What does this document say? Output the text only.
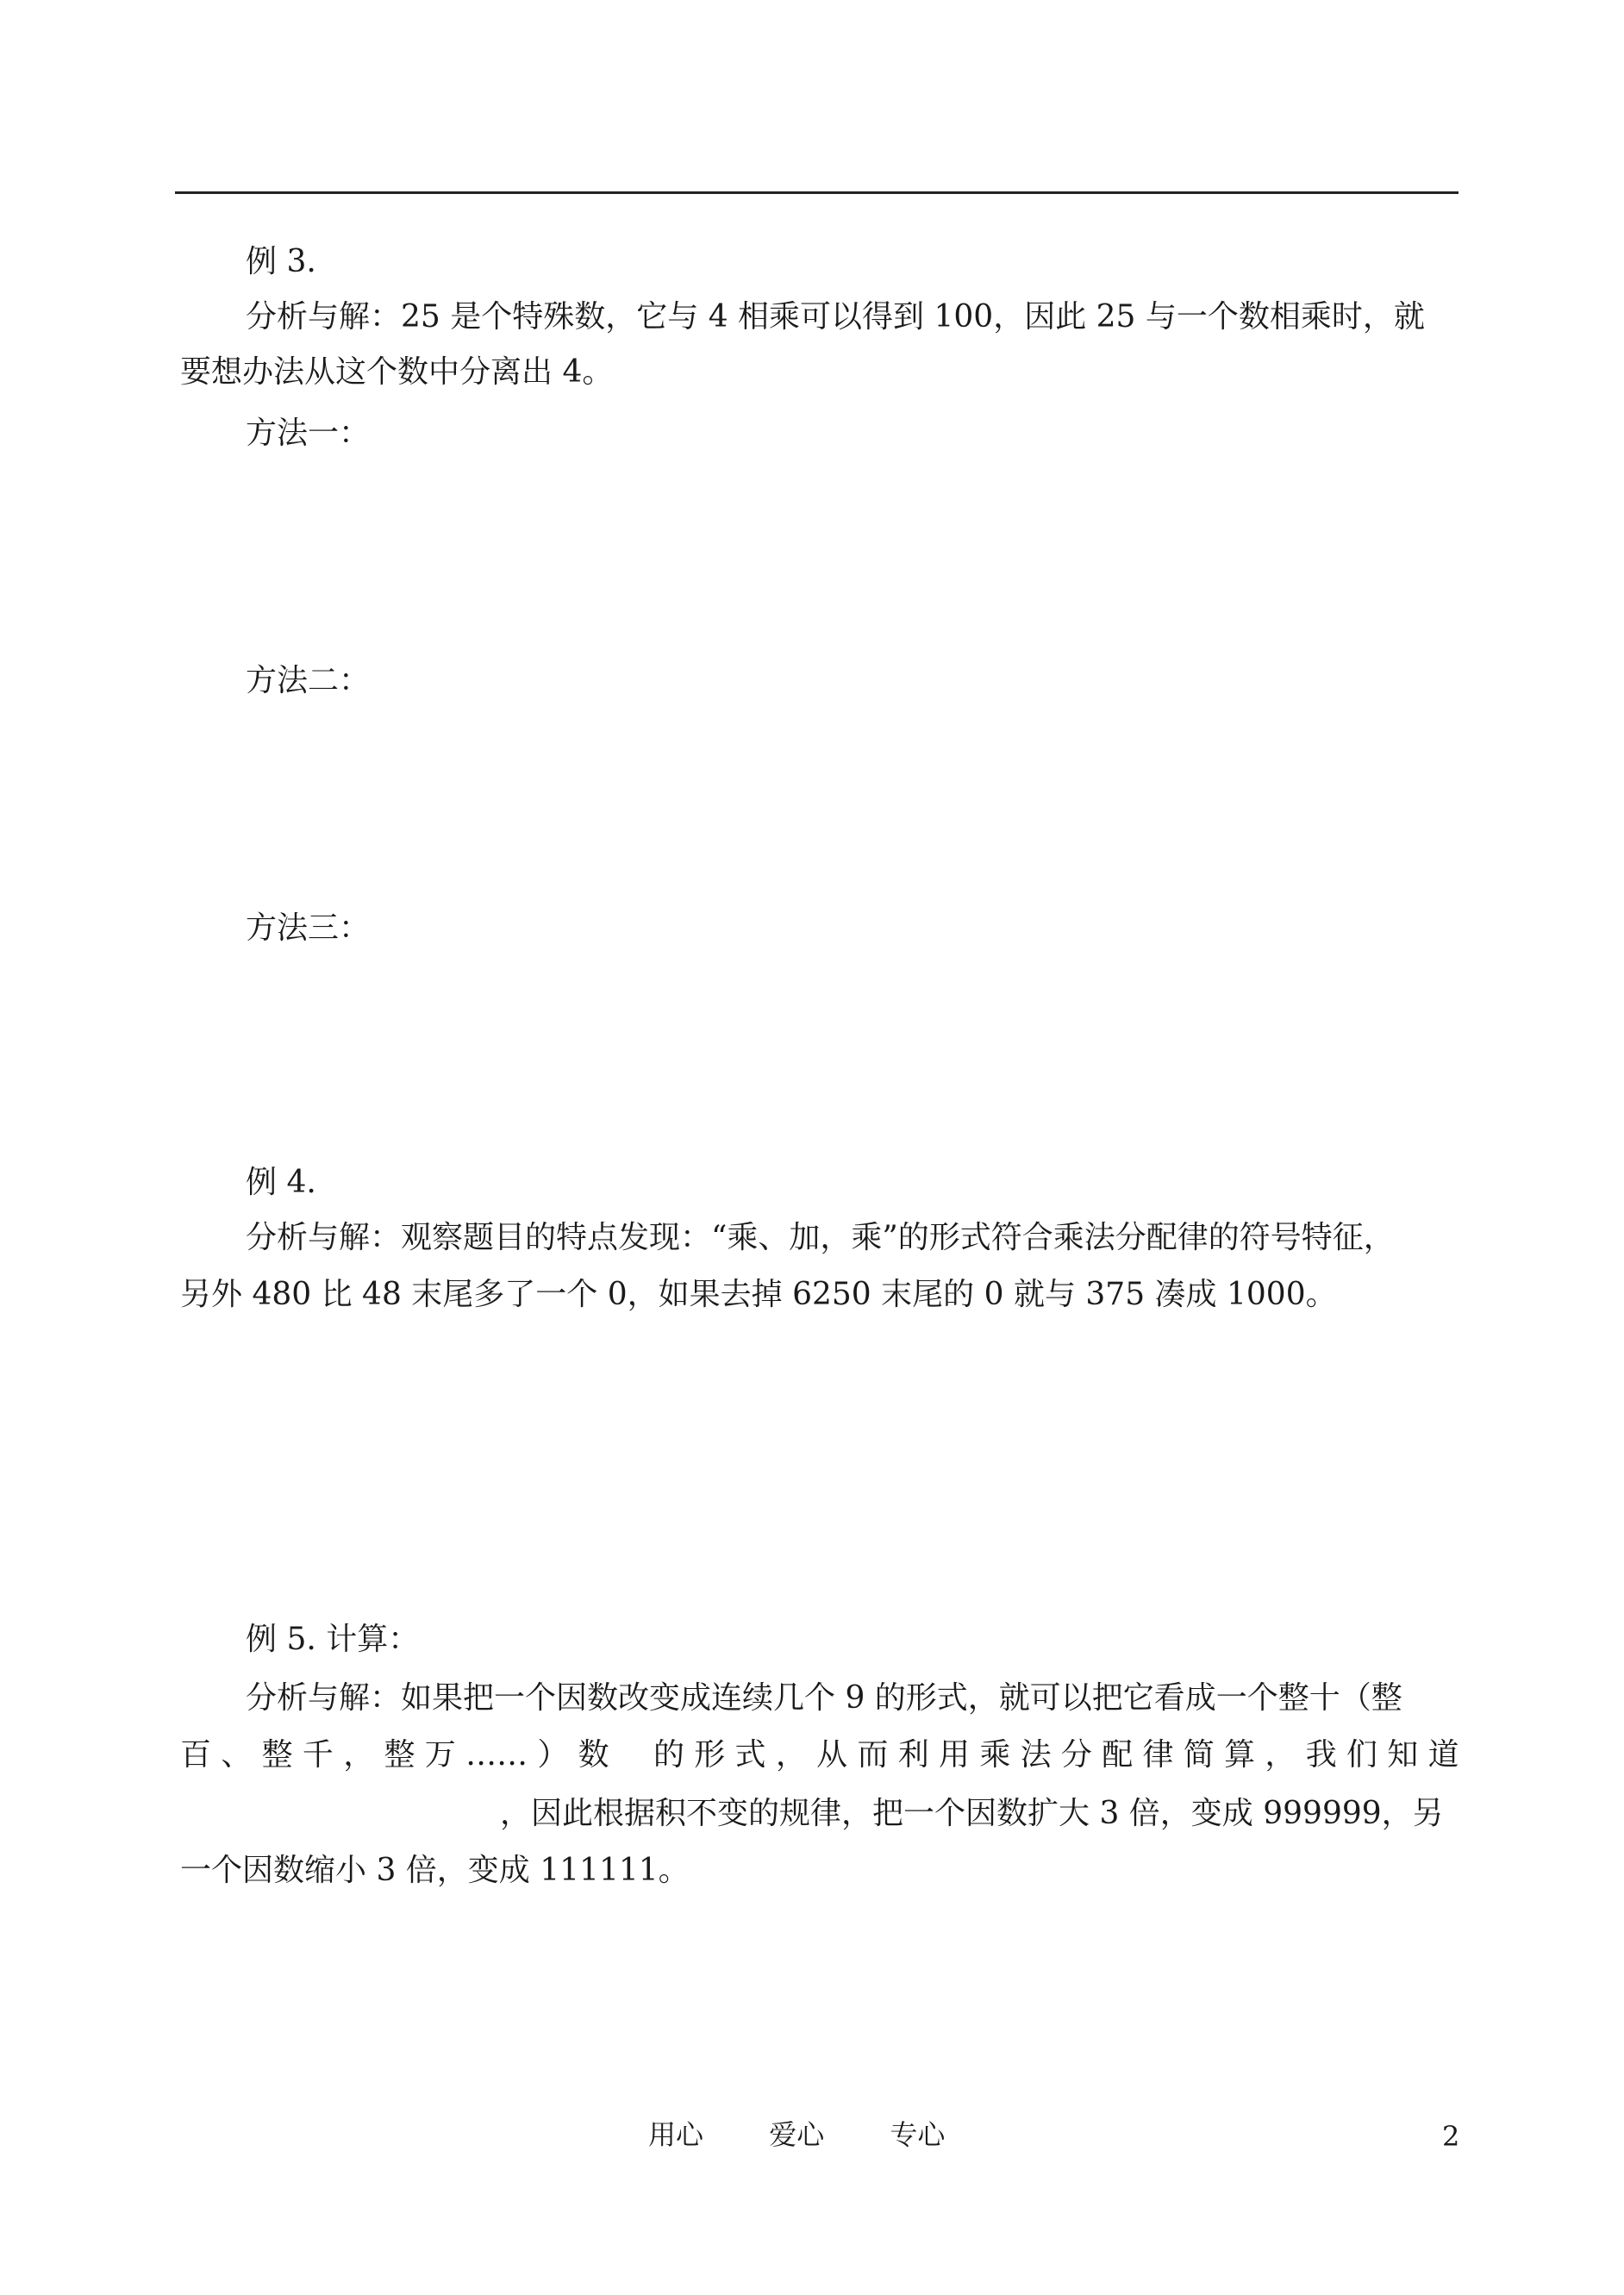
例 3.
分析与解：25 是个特殊数，它与 4 相乘可以得到 100，因此 25 与一个数相乘时，就
要想办法从这个数中分离出 4。
方法一：
方法二：
方法三：
例 4.
分析与解：观察题目的特点发现：“乘、加，乘”的形式符合乘法分配律的符号特征，
另外 480 比 48 末尾多了一个 0，如果去掉 6250 末尾的 0 就与 375 凑成 1000。
例 5. 计算：
分析与解：如果把一个因数改变成连续几个 9 的形式，就可以把它看成一个整十（整
百 、 整 千 ， 整 万 …… ） 数 的 形 式 ， 从 而 利 用 乘 法 分 配 律 简 算 ， 我 们 知 道
，因此根据积不变的规律，把一个因数扩大 3 倍，变成 999999，另
一个因数缩小 3 倍，变成 111111。
用心 爱心 专心	2
